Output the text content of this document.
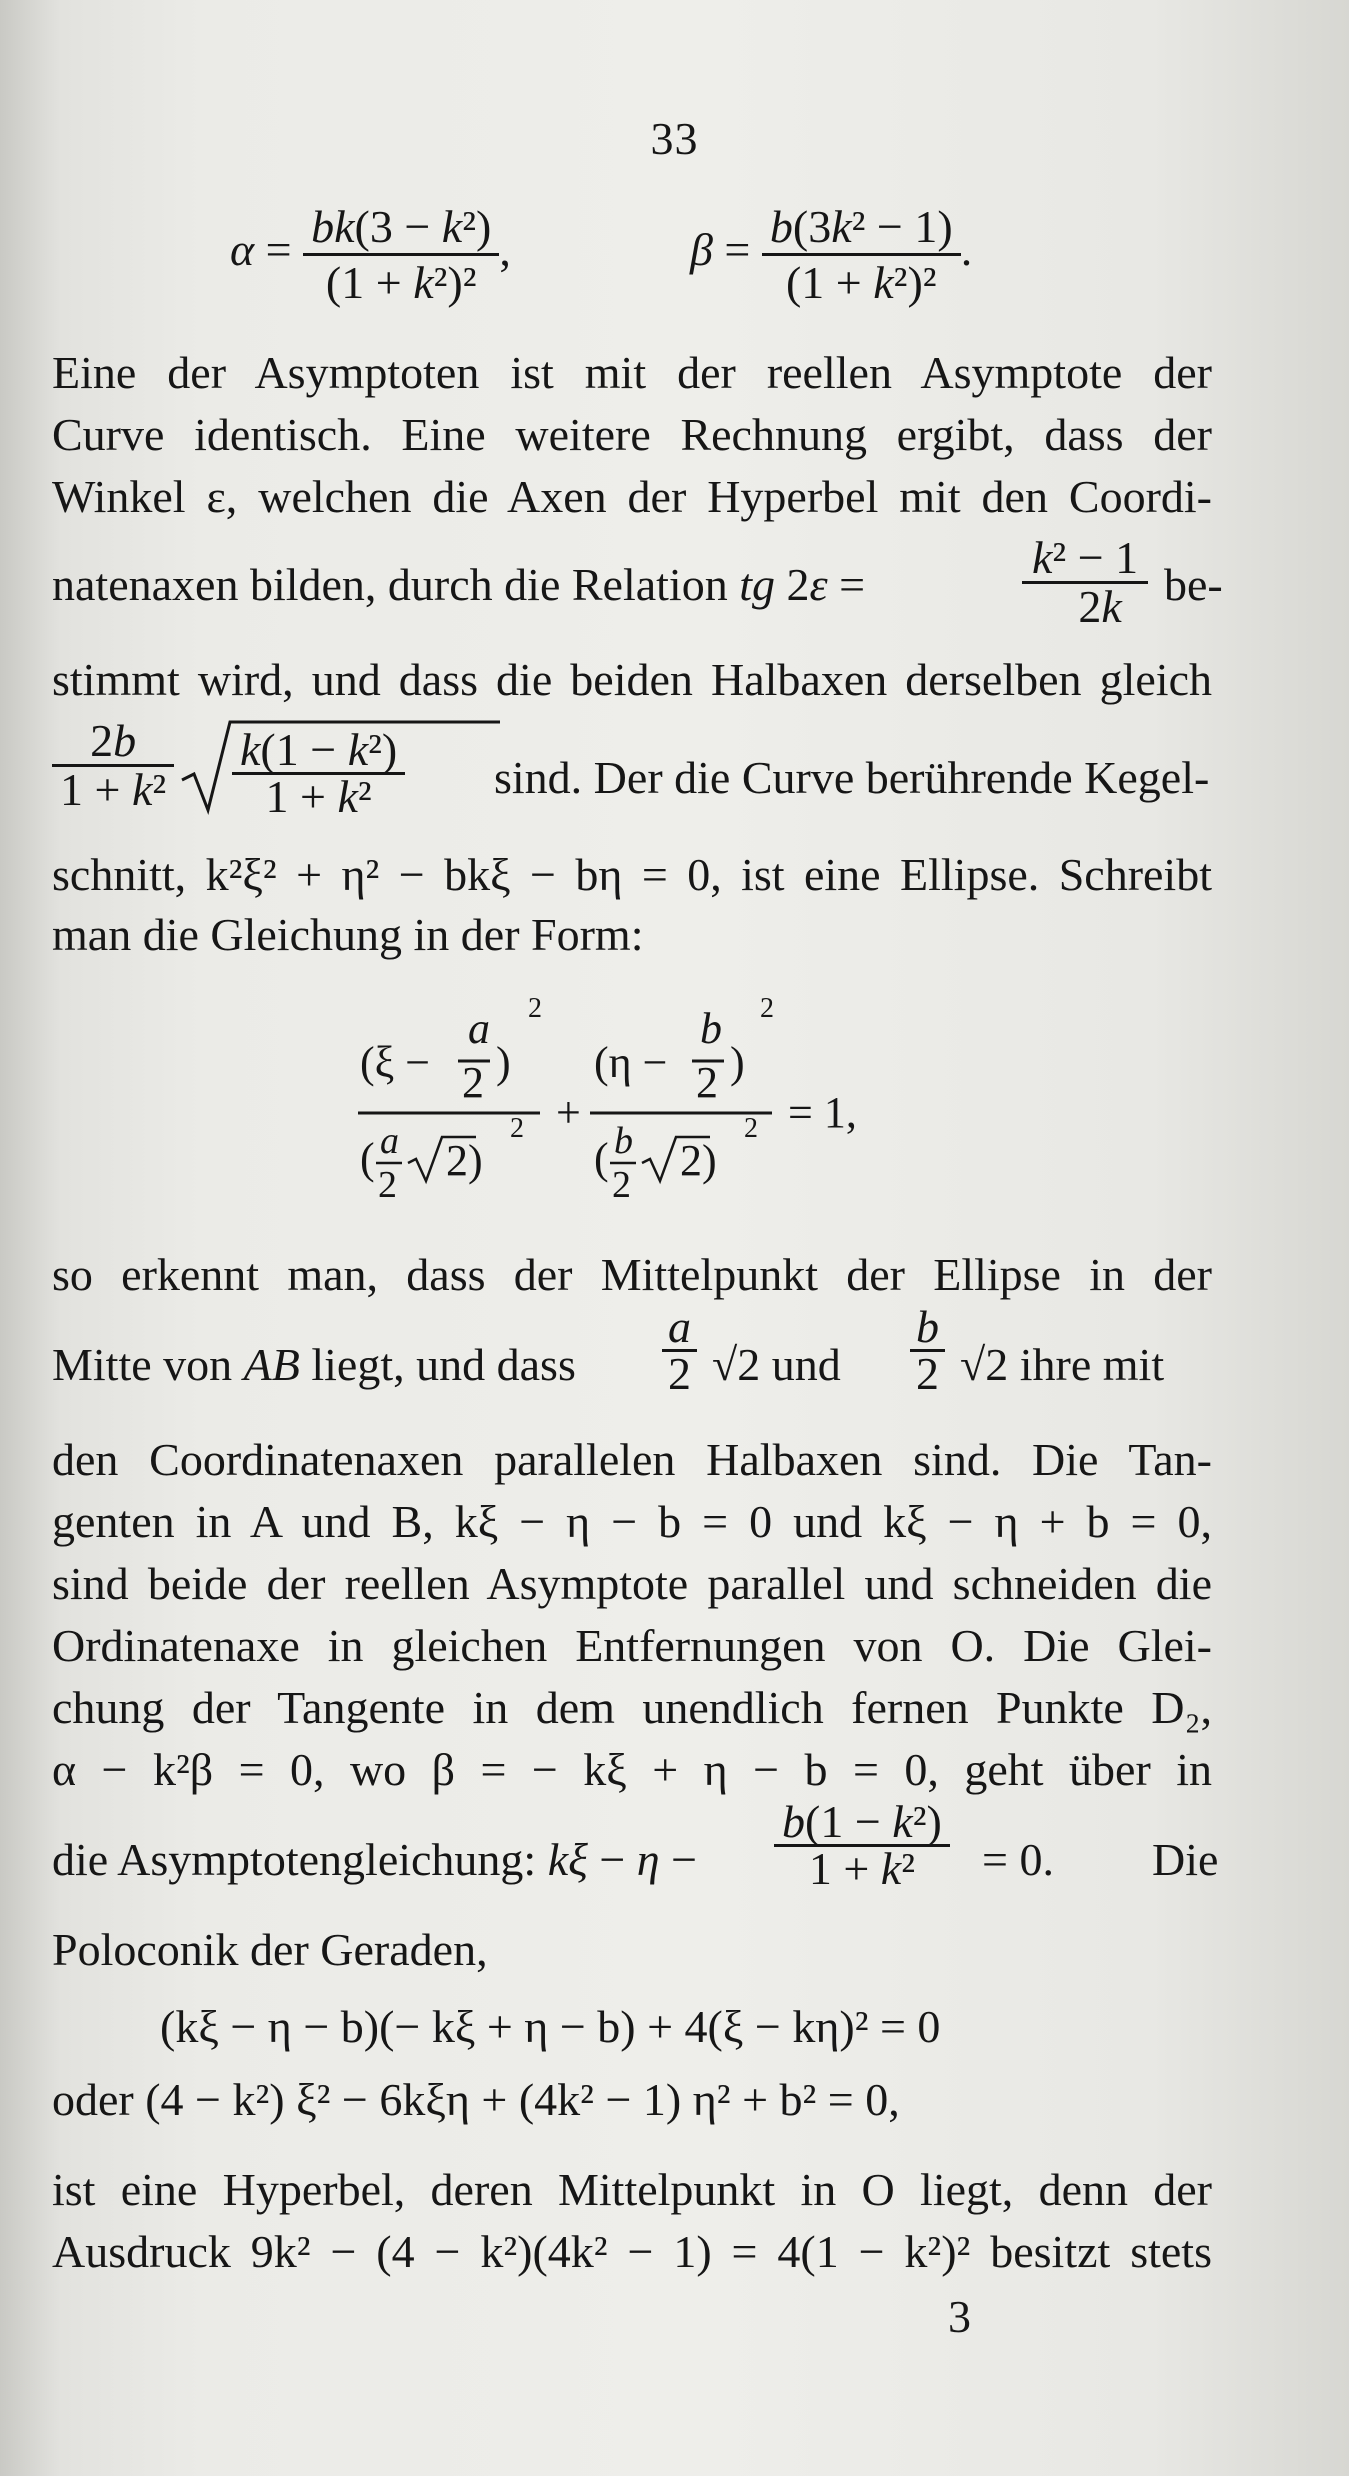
33
$\alpha = \frac{\text{bk(3 − k²)}}{\text{(1 + k²)²}}$ ,	$\beta = \frac{\text{b(3k² − 1)}}{\text{(1 + k²)²}}$ .
Eine der Asymptoten ist mit der reellen Asymptote der
Curve identisch. Eine weitere Rechnung ergibt, dass der
Winkel ε, welchen die Axen der Hyperbel mit den Coordi-
natenaxen bilden, durch die Relation tg 2ε =	$\frac{\text{k² − 1}}{2k} be-$
stimmt wird, und dass die beiden Halbaxen derselben gleich
$\frac{2b}{\text{1 + k²}} \frac{\text{k(1 − k²)}}{\text{1 + k²}} \sin d$. Der die Curve berührende Kegel-
schnitt, k²ξ² + η² − bkξ − bη = 0, ist eine Ellipse. Schreibt
man die Gleichung in der Form:
(ξ −
a
2 )
2
( a
2 2)
2 +
(η −
b
2 )
2
( b
2 2)
2 = 1,
so erkennt man, dass der Mittelpunkt der Ellipse in der
Mitte von AB liegt, und dass $\frac{a}{2} √2$ und $\frac{b}{2} √2$ ihre mit
den Coordinatenaxen parallelen Halbaxen sind. Die Tan-
genten in A und B, kξ − η − b = 0 und kξ − η + b = 0,
sind beide der reellen Asymptote parallel und schneiden die
Ordinatenaxe in gleichen Entfernungen von O. Die Glei-
chung der Tangente in dem unendlich fernen Punkte D₂,
α − k²β = 0, wo β = − kξ + η − b = 0, geht über in
die Asymptotengleichung: $k\xi - \eta - \frac{\text{b(1 − k²)}}{\text{1 + k²}} = 0$. Die
Poloconik der Geraden,
(kξ − η − b)(− kξ + η − b) + 4(ξ − kη)² = 0
oder (4 − k²) ξ² − 6kξη + (4k² − 1) η² + b² = 0,
ist eine Hyperbel, deren Mittelpunkt in O liegt, denn der
Ausdruck 9k² − (4 − k²)(4k² − 1) = 4(1 − k²)² besitzt stets
3
